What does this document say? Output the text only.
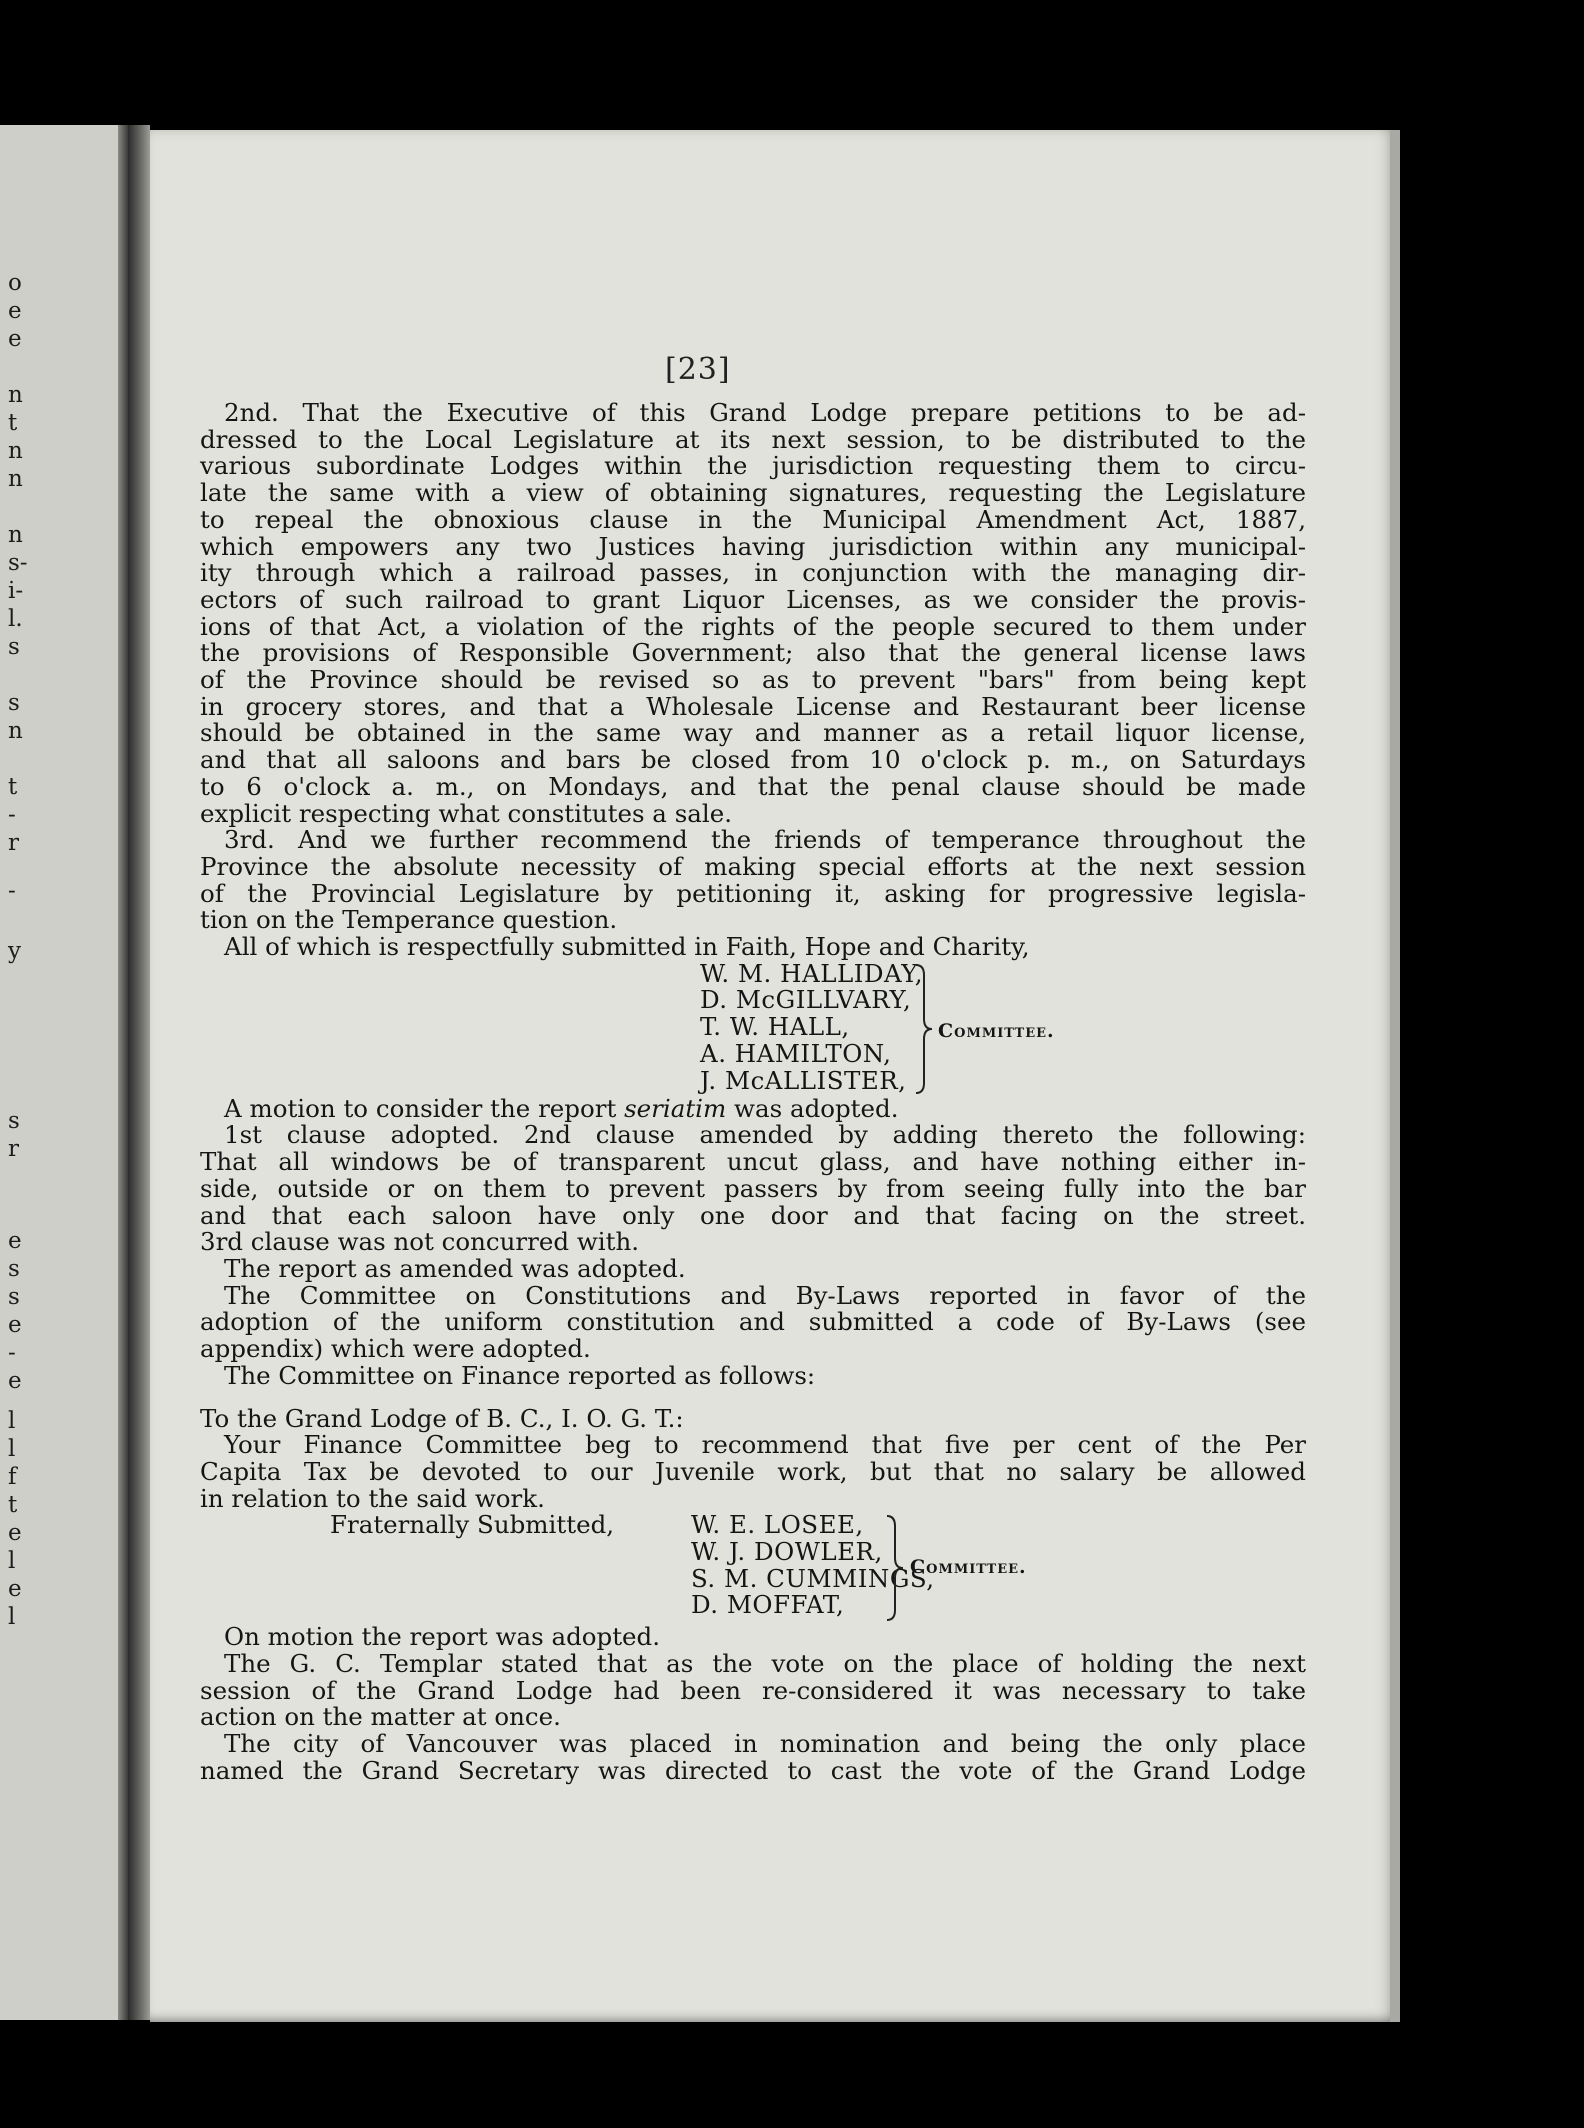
o
e
e
n
t
n
n
n
s-
i-
l.
s
s
n
t
-
r
-
y
s
r
e
s
s
e
-
e
l
l
f
t
e
l
e
l
[23]
2nd. That the Executive of this Grand Lodge prepare petitions to be ad-
dressed to the Local Legislature at its next session, to be distributed to the
various subordinate Lodges within the jurisdiction requesting them to circu-
late the same with a view of obtaining signatures, requesting the Legislature
to repeal the obnoxious clause in the Municipal Amendment Act, 1887,
which empowers any two Justices having jurisdiction within any municipal-
ity through which a railroad passes, in conjunction with the managing dir-
ectors of such railroad to grant Liquor Licenses, as we consider the provis-
ions of that Act, a violation of the rights of the people secured to them under
the provisions of Responsible Government; also that the general license laws
of the Province should be revised so as to prevent "bars" from being kept
in grocery stores, and that a Wholesale License and Restaurant beer license
should be obtained in the same way and manner as a retail liquor license,
and that all saloons and bars be closed from 10 o'clock p. m., on Saturdays
to 6 o'clock a. m., on Mondays, and that the penal clause should be made
explicit respecting what constitutes a sale.
3rd. And we further recommend the friends of temperance throughout the
Province the absolute necessity of making special efforts at the next session
of the Provincial Legislature by petitioning it, asking for progressive legisla-
tion on the Temperance question.
All of which is respectfully submitted in Faith, Hope and Charity,
W. M. HALLIDAY,
D. McGILLVARY,
T. W. HALL,
A. HAMILTON,
J. McALLISTER,
Committee.
A motion to consider the report seriatim was adopted.
1st clause adopted. 2nd clause amended by adding thereto the following:
That all windows be of transparent uncut glass, and have nothing either in-
side, outside or on them to prevent passers by from seeing fully into the bar
and that each saloon have only one door and that facing on the street.
3rd clause was not concurred with.
The report as amended was adopted.
The Committee on Constitutions and By-Laws reported in favor of the
adoption of the uniform constitution and submitted a code of By-Laws (see
appendix) which were adopted.
The Committee on Finance reported as follows:
To the Grand Lodge of B. C., I. O. G. T.:
Your Finance Committee beg to recommend that five per cent of the Per
Capita Tax be devoted to our Juvenile work, but that no salary be allowed
in relation to the said work.
Fraternally Submitted,	W. E. LOSEE,
W. J. DOWLER,
S. M. CUMMINGS,
D. MOFFAT,
Committee.
On motion the report was adopted.
The G. C. Templar stated that as the vote on the place of holding the next
session of the Grand Lodge had been re-considered it was necessary to take
action on the matter at once.
The city of Vancouver was placed in nomination and being the only place
named the Grand Secretary was directed to cast the vote of the Grand Lodge
